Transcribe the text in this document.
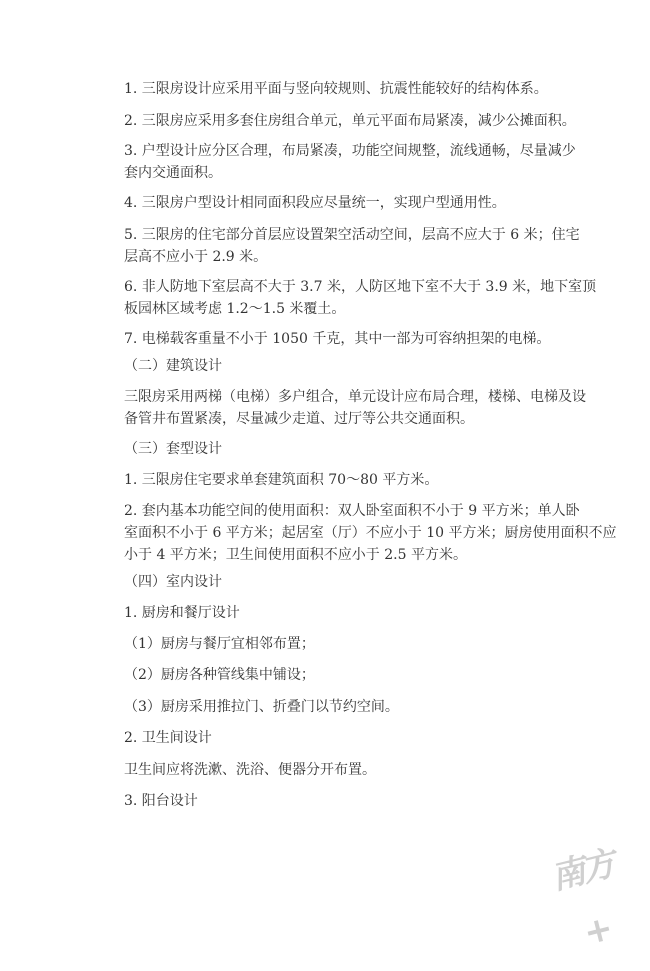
1. 三限房设计应采用平面与竖向较规则、抗震性能较好的结构体系。
2. 三限房应采用多套住房组合单元，单元平面布局紧凑，减少公摊面积。
3. 户型设计应分区合理，布局紧凑，功能空间规整，流线通畅，尽量减少
套内交通面积。
4. 三限房户型设计相同面积段应尽量统一，实现户型通用性。
5. 三限房的住宅部分首层应设置架空活动空间，层高不应大于 6 米；住宅
层高不应小于 2.9 米。
6. 非人防地下室层高不大于 3.7 米，人防区地下室不大于 3.9 米，地下室顶
板园林区域考虑 1.2～1.5 米覆土。
7. 电梯载客重量不小于 1050 千克，其中一部为可容纳担架的电梯。
（二）建筑设计
三限房采用两梯（电梯）多户组合，单元设计应布局合理，楼梯、电梯及设
备管井布置紧凑，尽量减少走道、过厅等公共交通面积。
（三）套型设计
1. 三限房住宅要求单套建筑面积 70～80 平方米。
2. 套内基本功能空间的使用面积：双人卧室面积不小于 9 平方米；单人卧
室面积不小于 6 平方米；起居室（厅）不应小于 10 平方米；厨房使用面积不应
小于 4 平方米；卫生间使用面积不应小于 2.5 平方米。
（四）室内设计
1. 厨房和餐厅设计
（1）厨房与餐厅宜相邻布置；
（2）厨房各种管线集中铺设；
（3）厨房采用推拉门、折叠门以节约空间。
2. 卫生间设计
卫生间应将洗漱、洗浴、便器分开布置。
3. 阳台设计
南方+
